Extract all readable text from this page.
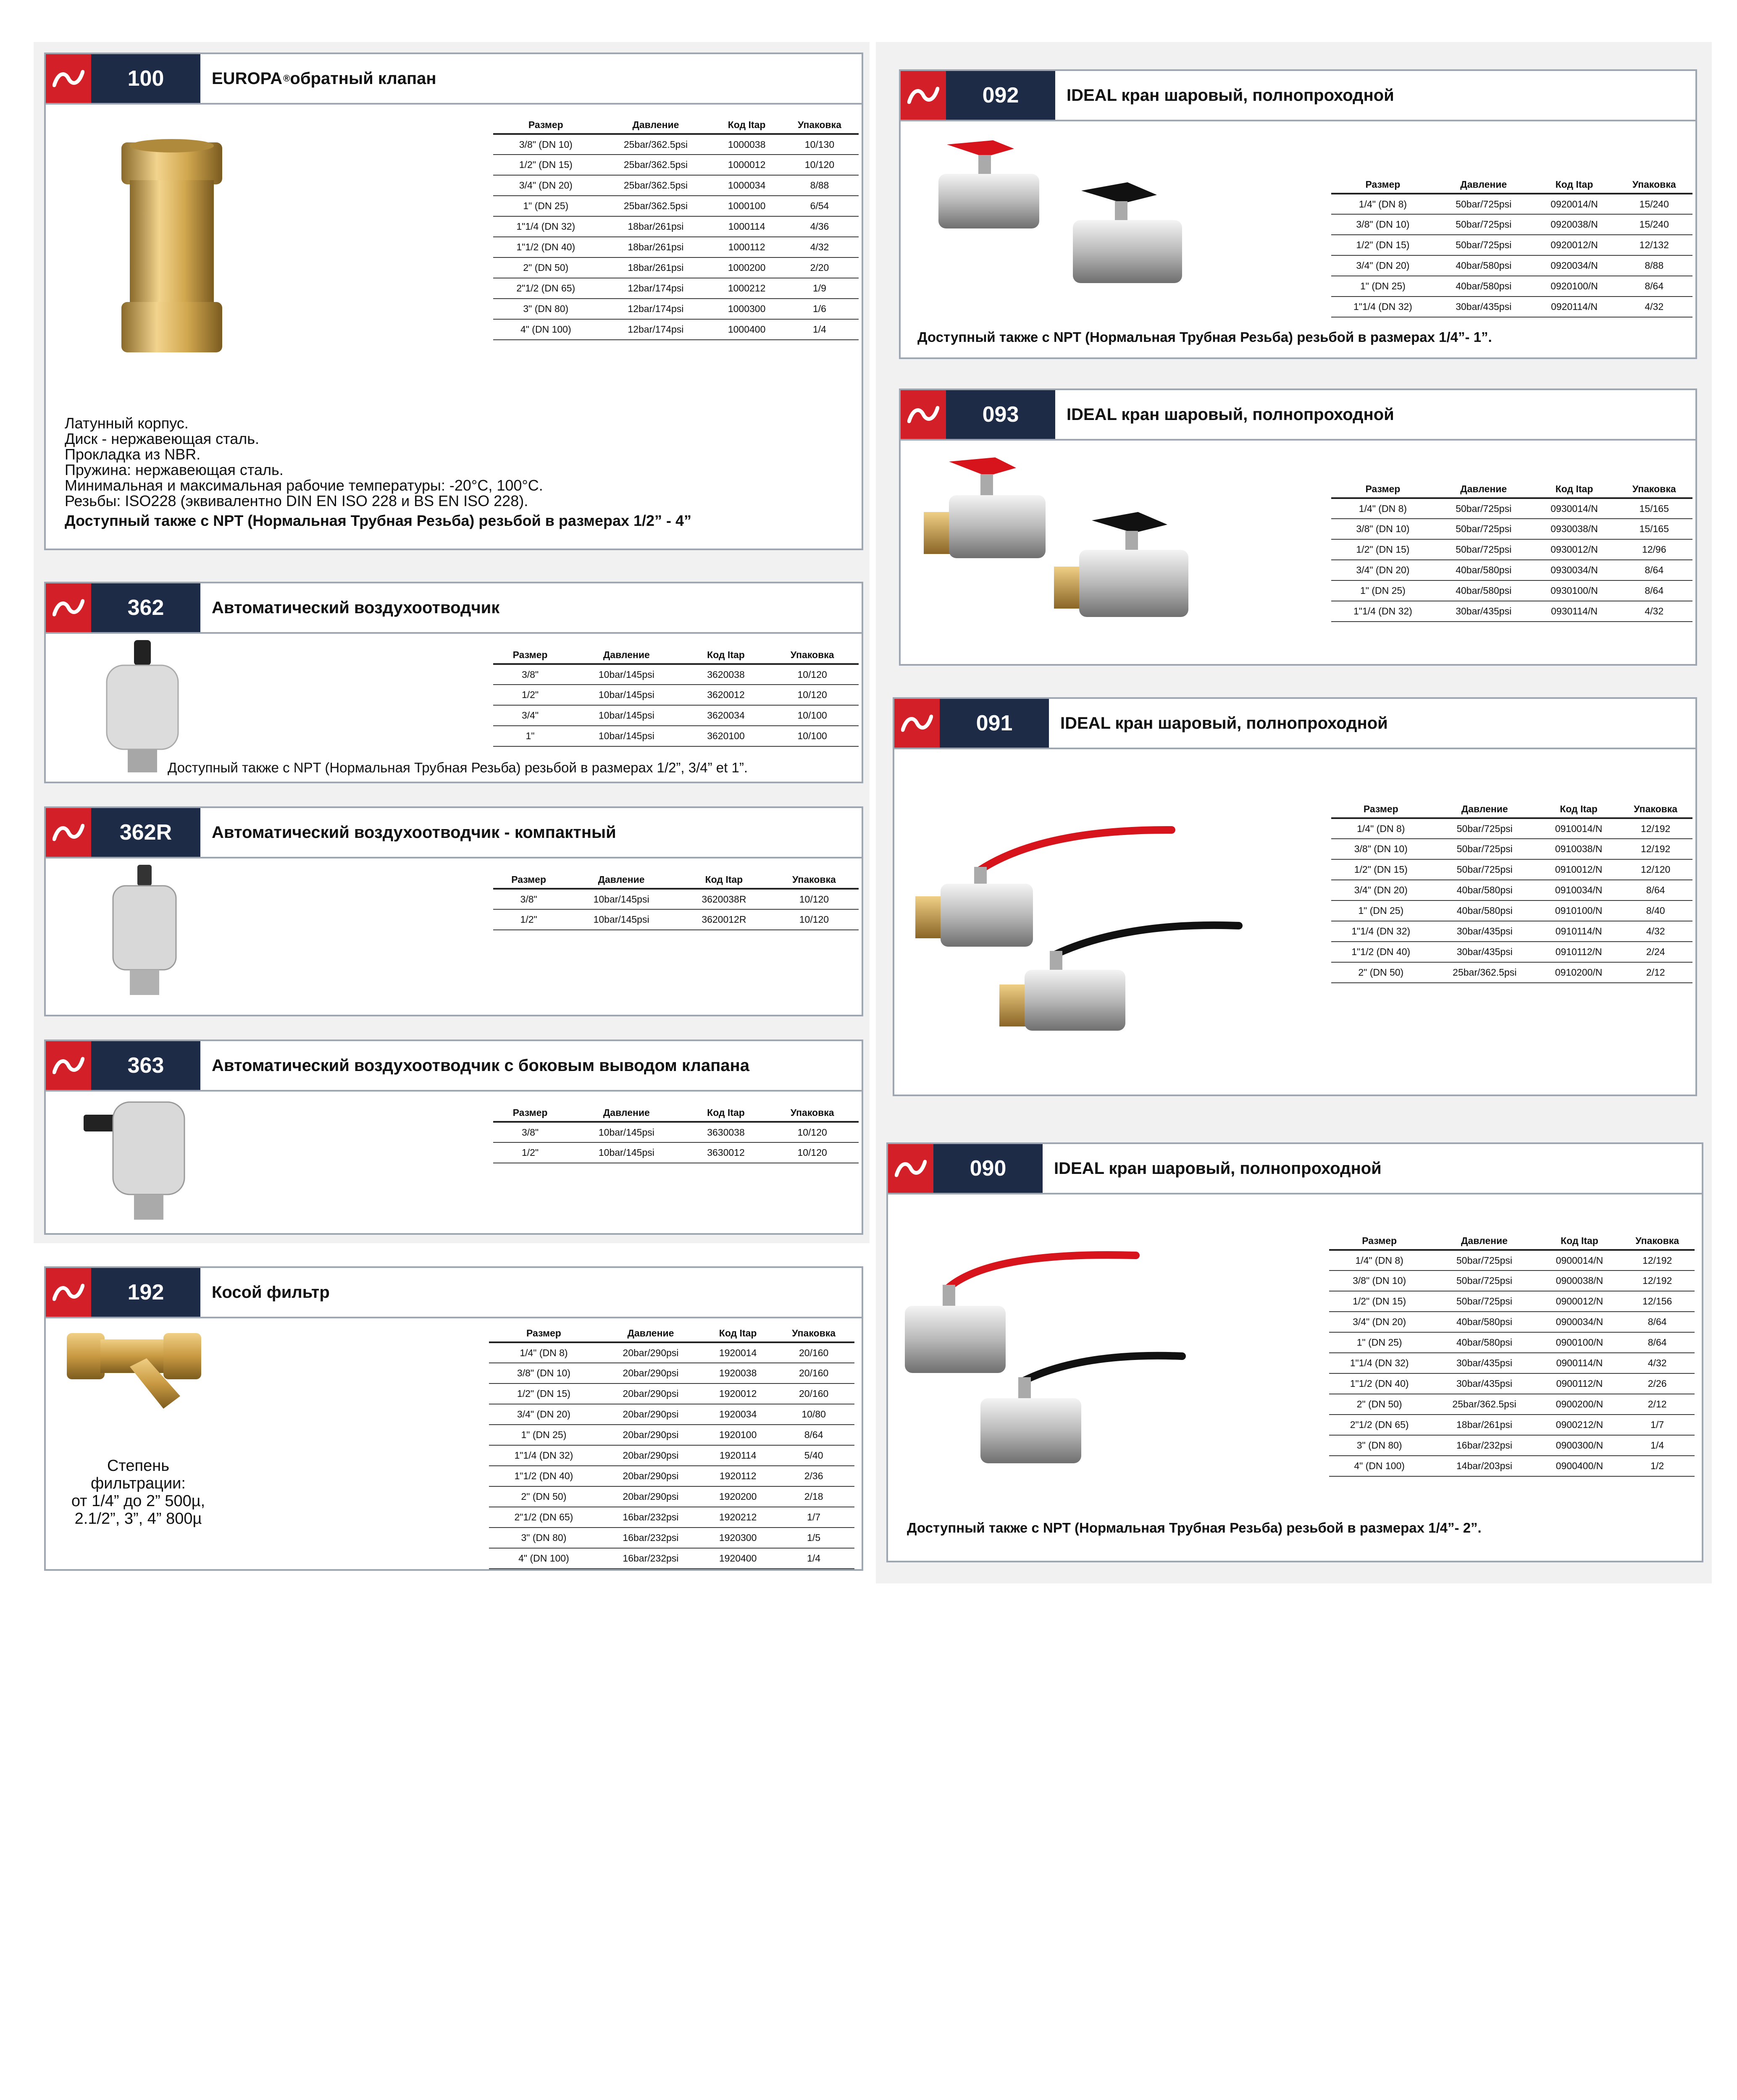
100	EUROPA ® обратный клапан
Размер	Давление	Код Itap	Упаковка
3/8" (DN 10)	25bar/362.5psi	1000038	10/130
1/2" (DN 15)	25bar/362.5psi	1000012	10/120
3/4" (DN 20)	25bar/362.5psi	1000034	8/88
1" (DN 25)	25bar/362.5psi	1000100	6/54
1"1/4 (DN 32)	18bar/261psi	1000114	4/36
1"1/2 (DN 40)	18bar/261psi	1000112	4/32
2" (DN 50)	18bar/261psi	1000200	2/20
2"1/2 (DN 65)	12bar/174psi	1000212	1/9
3" (DN 80)	12bar/174psi	1000300	1/6
4" (DN 100)	12bar/174psi	1000400	1/4
Латунный корпус.
Диск - нержавеющая сталь.
Прокладка из NBR.
Пружина: нержавеющая сталь.
Минимальная и максимальная рабочие температуры: -20°C, 100°C.
Резьбы: ISO228 (эквивалентно DIN EN ISO 228 и BS EN ISO 228).
Доступный также с NPT (Нормальная Трубная Резьба) резьбой в размерах 1/2” - 4”
362	Автоматический воздухоотводчик
Размер	Давление	Код Itap	Упаковка
3/8"	10bar/145psi	3620038	10/120
1/2"	10bar/145psi	3620012	10/120
3/4"	10bar/145psi	3620034	10/100
1"	10bar/145psi	3620100	10/100
Доступный также с NPT (Нормальная Трубная Резьба) резьбой в размерах 1/2”, 3/4” et 1”.
362R	Автоматический воздухоотводчик - компактный
Размер	Давление	Код Itap	Упаковка
3/8"	10bar/145psi	3620038R	10/120
1/2"	10bar/145psi	3620012R	10/120
363	Автоматический воздухоотводчик с боковым выводом клапана
Размер	Давление	Код Itap	Упаковка
3/8"	10bar/145psi	3630038	10/120
1/2"	10bar/145psi	3630012	10/120
192	Косой фильтр
Степень
фильтрации:
от 1/4” до 2” 500µ,
2.1/2”, 3”, 4” 800µ
Размер	Давление	Код Itap	Упаковка
1/4" (DN 8)	20bar/290psi	1920014	20/160
3/8" (DN 10)	20bar/290psi	1920038	20/160
1/2" (DN 15)	20bar/290psi	1920012	20/160
3/4" (DN 20)	20bar/290psi	1920034	10/80
1" (DN 25)	20bar/290psi	1920100	8/64
1"1/4 (DN 32)	20bar/290psi	1920114	5/40
1"1/2 (DN 40)	20bar/290psi	1920112	2/36
2" (DN 50)	20bar/290psi	1920200	2/18
2"1/2 (DN 65)	16bar/232psi	1920212	1/7
3" (DN 80)	16bar/232psi	1920300	1/5
4" (DN 100)	16bar/232psi	1920400	1/4
092	IDEAL кран шаровый, полнопроходной
Размер	Давление	Код Itap	Упаковка
1/4" (DN 8)	50bar/725psi	0920014/N	15/240
3/8" (DN 10)	50bar/725psi	0920038/N	15/240
1/2" (DN 15)	50bar/725psi	0920012/N	12/132
3/4" (DN 20)	40bar/580psi	0920034/N	8/88
1" (DN 25)	40bar/580psi	0920100/N	8/64
1"1/4 (DN 32)	30bar/435psi	0920114/N	4/32
Доступный также с NPT (Нормальная Трубная Резьба) резьбой в размерах 1/4”- 1”.
093	IDEAL кран шаровый, полнопроходной
Размер	Давление	Код Itap	Упаковка
1/4" (DN 8)	50bar/725psi	0930014/N	15/165
3/8" (DN 10)	50bar/725psi	0930038/N	15/165
1/2" (DN 15)	50bar/725psi	0930012/N	12/96
3/4" (DN 20)	40bar/580psi	0930034/N	8/64
1" (DN 25)	40bar/580psi	0930100/N	8/64
1"1/4 (DN 32)	30bar/435psi	0930114/N	4/32
091	IDEAL кран шаровый, полнопроходной
Размер	Давление	Код Itap	Упаковка
1/4" (DN 8)	50bar/725psi	0910014/N	12/192
3/8" (DN 10)	50bar/725psi	0910038/N	12/192
1/2" (DN 15)	50bar/725psi	0910012/N	12/120
3/4" (DN 20)	40bar/580psi	0910034/N	8/64
1" (DN 25)	40bar/580psi	0910100/N	8/40
1"1/4 (DN 32)	30bar/435psi	0910114/N	4/32
1"1/2 (DN 40)	30bar/435psi	0910112/N	2/24
2" (DN 50)	25bar/362.5psi	0910200/N	2/12
090	IDEAL кран шаровый, полнопроходной
Размер	Давление	Код Itap	Упаковка
1/4" (DN 8)	50bar/725psi	0900014/N	12/192
3/8" (DN 10)	50bar/725psi	0900038/N	12/192
1/2" (DN 15)	50bar/725psi	0900012/N	12/156
3/4" (DN 20)	40bar/580psi	0900034/N	8/64
1" (DN 25)	40bar/580psi	0900100/N	8/64
1"1/4 (DN 32)	30bar/435psi	0900114/N	4/32
1"1/2 (DN 40)	30bar/435psi	0900112/N	2/26
2" (DN 50)	25bar/362.5psi	0900200/N	2/12
2"1/2 (DN 65)	18bar/261psi	0900212/N	1/7
3" (DN 80)	16bar/232psi	0900300/N	1/4
4" (DN 100)	14bar/203psi	0900400/N	1/2
Доступный также с NPT (Нормальная Трубная Резьба) резьбой в размерах 1/4”- 2”.
